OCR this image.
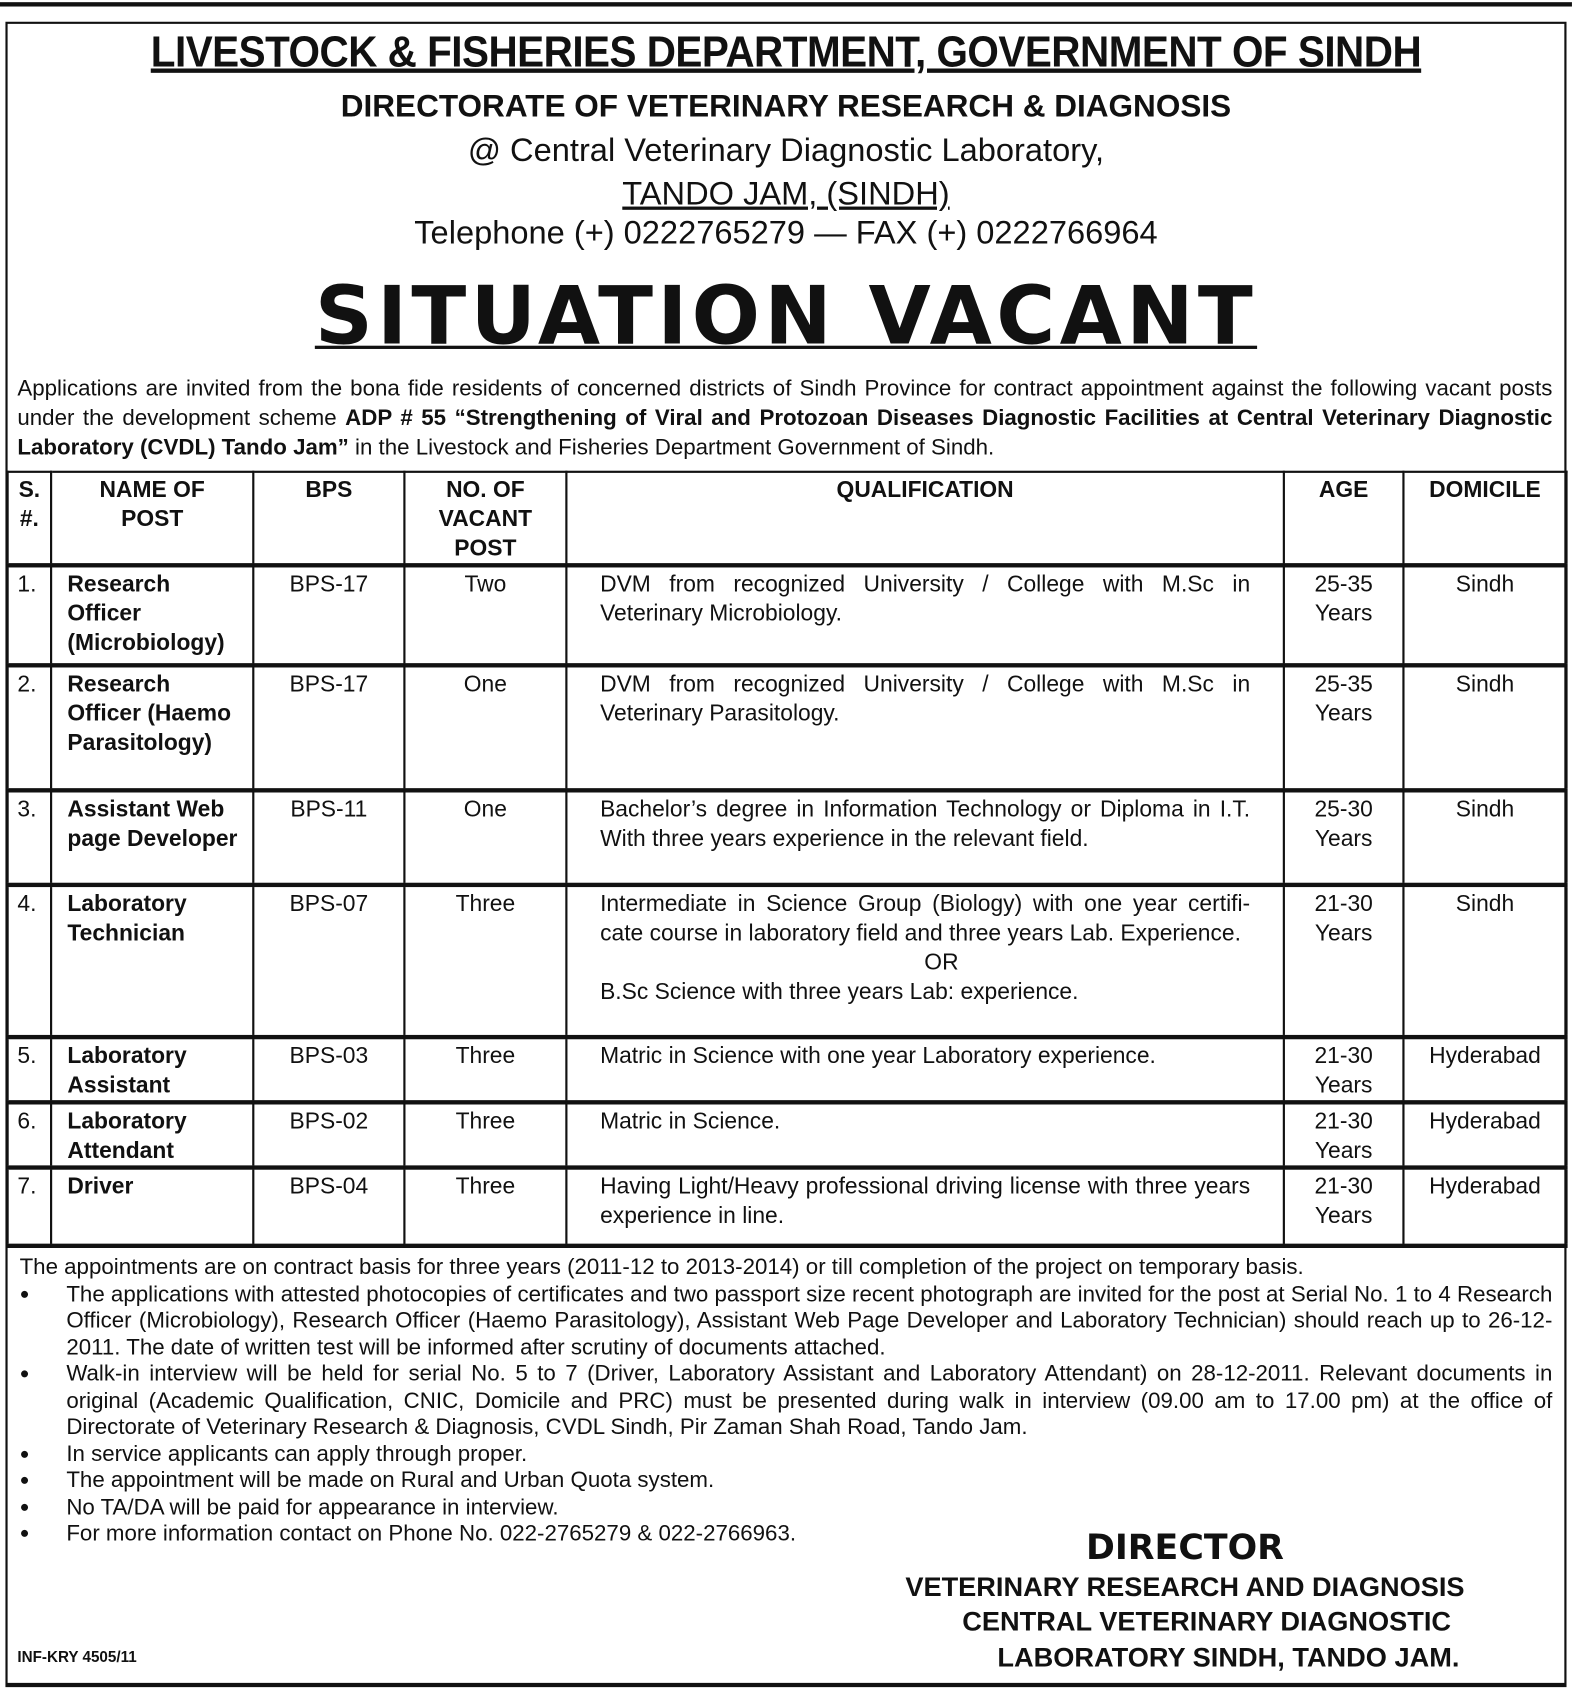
LIVESTOCK & FISHERIES DEPARTMENT, GOVERNMENT OF SINDH
DIRECTORATE OF VETERINARY RESEARCH & DIAGNOSIS
@ Central Veterinary Diagnostic Laboratory,
TANDO JAM, (SINDH)
Telephone (+) 0222765279 — FAX (+) 0222766964
SITUATION VACANT
Applications are invited from the bona fide residents of concerned districts of Sindh Province for contract appointment against the following vacant posts under the development scheme ADP # 55 “Strengthening of Viral and Protozoan Diseases Diagnostic Facilities at Central Veterinary Diagnostic Laboratory (CVDL) Tando Jam” in the Livestock and Fisheries Department Government of Sindh.
S. #.	NAME OF POST	BPS	NO. OF VACANT POST	QUALIFICATION	AGE	DOMICILE
1.	Research Officer (Microbiology)	BPS-17	Two	DVM from recognized University / College with M.Sc in Veterinary Microbiology.	25-35 Years	Sindh
2.	Research Officer (Haemo Parasitology)	BPS-17	One	DVM from recognized University / College with M.Sc in Veterinary Parasitology.	25-35 Years	Sindh
3.	Assistant Web page Developer	BPS-11	One	Bachelor’s degree in Information Technology or Diploma in I.T. With three years experience in the relevant field.	25-30 Years	Sindh
4.	Laboratory Technician	BPS-07	Three	Intermediate in Science Group (Biology) with one year certifi-cate course in laboratory field and three years Lab. Experience.
OR
B.Sc Science with three years Lab: experience.	21-30 Years	Sindh
5.	Laboratory Assistant	BPS-03	Three	Matric in Science with one year Laboratory experience.	21-30 Years	Hyderabad
6.	Laboratory Attendant	BPS-02	Three	Matric in Science.	21-30 Years	Hyderabad
7.	Driver	BPS-04	Three	Having Light/Heavy professional driving license with three years experience in line.	21-30 Years	Hyderabad
The appointments are on contract basis for three years (2011-12 to 2013-2014) or till completion of the project on temporary basis.
● The applications with attested photocopies of certificates and two passport size recent photograph are invited for the post at Serial No. 1 to 4 Research Officer (Microbiology), Research Officer (Haemo Parasitology), Assistant Web Page Developer and Laboratory Technician) should reach up to 26-12-2011. The date of written test will be informed after scrutiny of documents attached.
● Walk-in interview will be held for serial No. 5 to 7 (Driver, Laboratory Assistant and Laboratory Attendant) on 28-12-2011. Relevant documents in original (Academic Qualification, CNIC, Domicile and PRC) must be presented during walk in interview (09.00 am to 17.00 pm) at the office of Directorate of Veterinary Research & Diagnosis, CVDL Sindh, Pir Zaman Shah Road, Tando Jam.
● In service applicants can apply through proper.
● The appointment will be made on Rural and Urban Quota system.
● No TA/DA will be paid for appearance in interview.
● For more information contact on Phone No. 022-2765279 & 022-2766963.	DIRECTOR
VETERINARY RESEARCH AND DIAGNOSIS
CENTRAL VETERINARY DIAGNOSTIC
LABORATORY SINDH, TANDO JAM.
INF-KRY 4505/11
